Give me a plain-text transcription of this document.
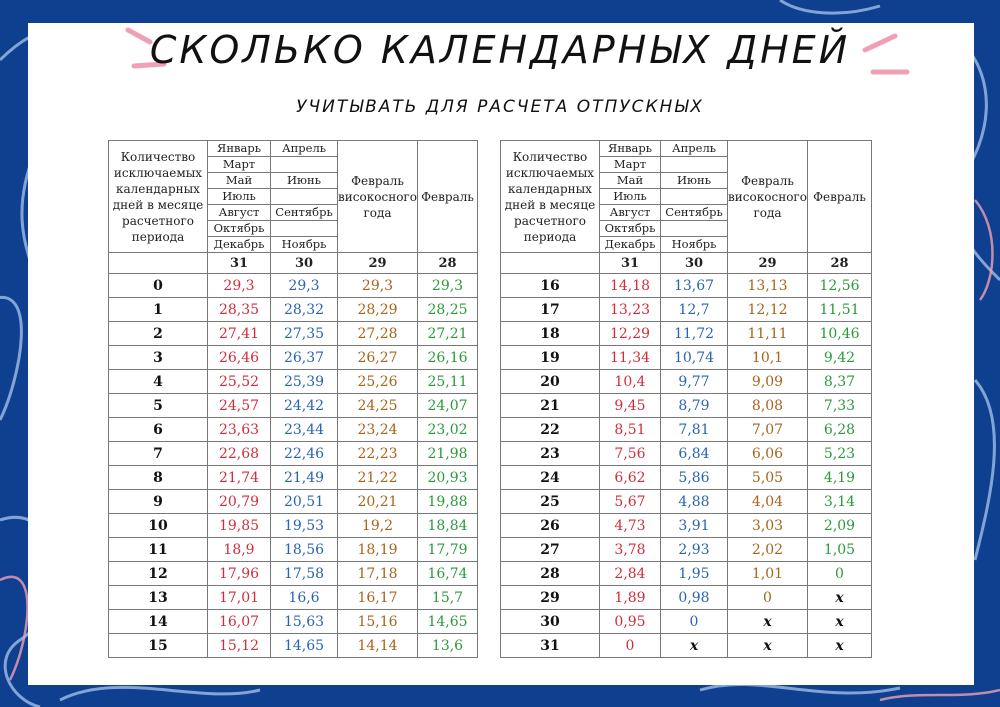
СКОЛЬКО КАЛЕНДАРНЫХ ДНЕЙ
УЧИТЫВАТЬ ДЛЯ РАСЧЕТА ОТПУСКНЫХ
Количество исключаемых календарных дней в месяце расчетного периода	Январь	Апрель	Февраль високосного года	Февраль
	Март			
	Май	Июнь		
	Июль			
	Август	Сентябрь		
	Октябрь			
	Декабрь	Ноябрь		
	31	30	29	28
0	29,3	29,3	29,3	29,3
1	28,35	28,32	28,29	28,25
2	27,41	27,35	27,28	27,21
3	26,46	26,37	26,27	26,16
4	25,52	25,39	25,26	25,11
5	24,57	24,42	24,25	24,07
6	23,63	23,44	23,24	23,02
7	22,68	22,46	22,23	21,98
8	21,74	21,49	21,22	20,93
9	20,79	20,51	20,21	19,88
10	19,85	19,53	19,2	18,84
11	18,9	18,56	18,19	17,79
12	17,96	17,58	17,18	16,74
13	17,01	16,6	16,17	15,7
14	16,07	15,63	15,16	14,65
15	15,12	14,65	14,14	13,6
Количество исключаемых календарных дней в месяце расчетного периода	Январь	Апрель	Февраль високосного года	Февраль
	Март			
	Май	Июнь		
	Июль			
	Август	Сентябрь		
	Октябрь			
	Декабрь	Ноябрь		
	31	30	29	28
16	14,18	13,67	13,13	12,56
17	13,23	12,7	12,12	11,51
18	12,29	11,72	11,11	10,46
19	11,34	10,74	10,1	9,42
20	10,4	9,77	9,09	8,37
21	9,45	8,79	8,08	7,33
22	8,51	7,81	7,07	6,28
23	7,56	6,84	6,06	5,23
24	6,62	5,86	5,05	4,19
25	5,67	4,88	4,04	3,14
26	4,73	3,91	3,03	2,09
27	3,78	2,93	2,02	1,05
28	2,84	1,95	1,01	0
29	1,89	0,98	0	x
30	0,95	0	x	x
31	0	x	x	x
